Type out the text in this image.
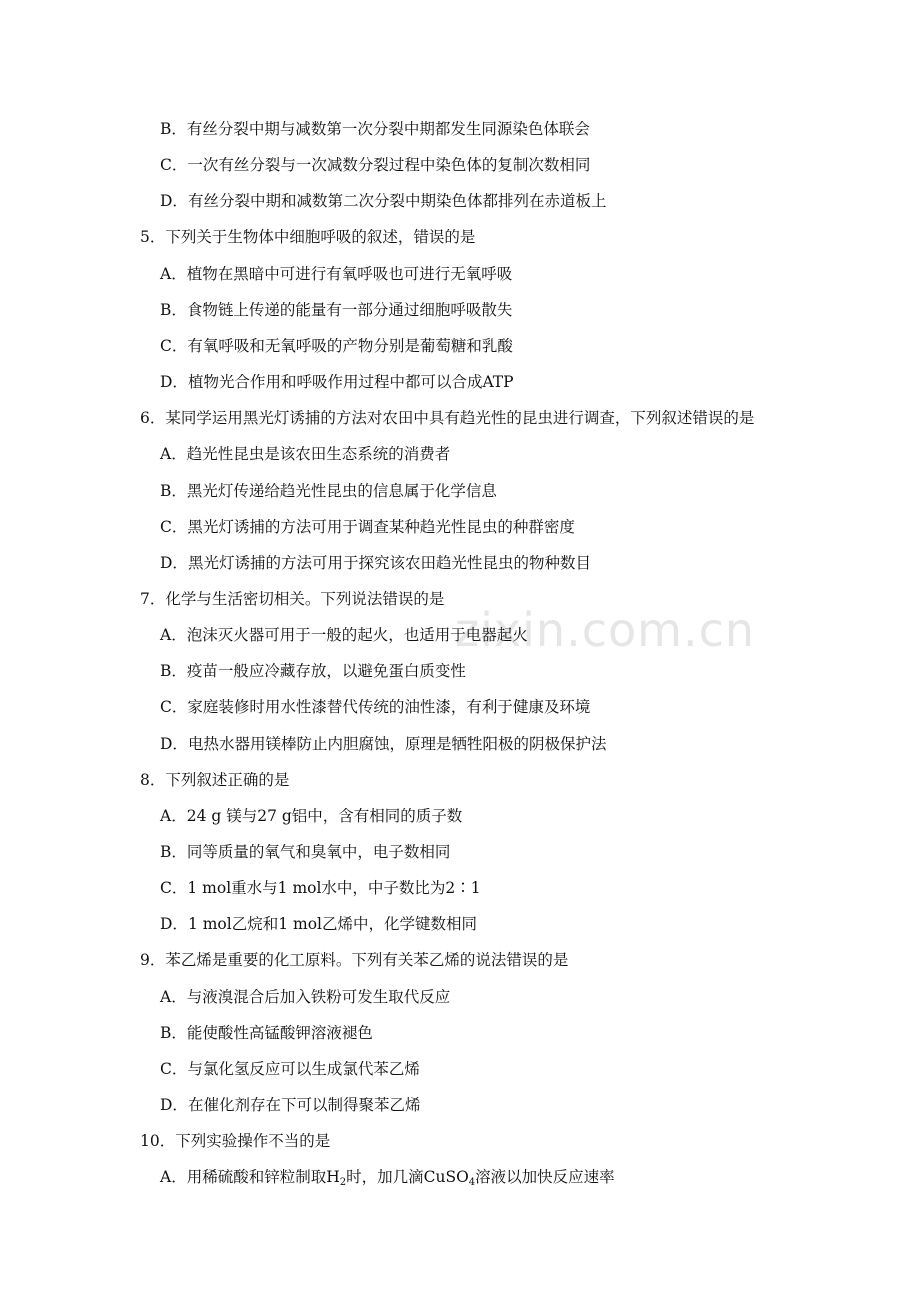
zixin.com.cn
B．有丝分裂中期与减数第一次分裂中期都发生同源染色体联会
C．一次有丝分裂与一次减数分裂过程中染色体的复制次数相同
D．有丝分裂中期和减数第二次分裂中期染色体都排列在赤道板上
5．下列关于生物体中细胞呼吸的叙述，错误的是
A．植物在黑暗中可进行有氧呼吸也可进行无氧呼吸
B．食物链上传递的能量有一部分通过细胞呼吸散失
C．有氧呼吸和无氧呼吸的产物分别是葡萄糖和乳酸
D．植物光合作用和呼吸作用过程中都可以合成ATP
6．某同学运用黑光灯诱捕的方法对农田中具有趋光性的昆虫进行调查，下列叙述错误的是
A．趋光性昆虫是该农田生态系统的消费者
B．黑光灯传递给趋光性昆虫的信息属于化学信息
C．黑光灯诱捕的方法可用于调查某种趋光性昆虫的种群密度
D．黑光灯诱捕的方法可用于探究该农田趋光性昆虫的物种数目
7．化学与生活密切相关。下列说法错误的是
A．泡沫灭火器可用于一般的起火，也适用于电器起火
B．疫苗一般应冷藏存放，以避免蛋白质变性
C．家庭装修时用水性漆替代传统的油性漆，有利于健康及环境
D．电热水器用镁棒防止内胆腐蚀，原理是牺牲阳极的阴极保护法
8．下列叙述正确的是
A．24 g 镁与27 g铝中，含有相同的质子数
B．同等质量的氧气和臭氧中，电子数相同
C．1 mol重水与1 mol水中，中子数比为2∶1
D．1 mol乙烷和1 mol乙烯中，化学键数相同
9．苯乙烯是重要的化工原料。下列有关苯乙烯的说法错误的是
A．与液溴混合后加入铁粉可发生取代反应
B．能使酸性高锰酸钾溶液褪色
C．与氯化氢反应可以生成氯代苯乙烯
D．在催化剂存在下可以制得聚苯乙烯
10．下列实验操作不当的是
A．用稀硫酸和锌粒制取$H_2$时，加几滴CuSO$_4$溶液以加快反应速率
